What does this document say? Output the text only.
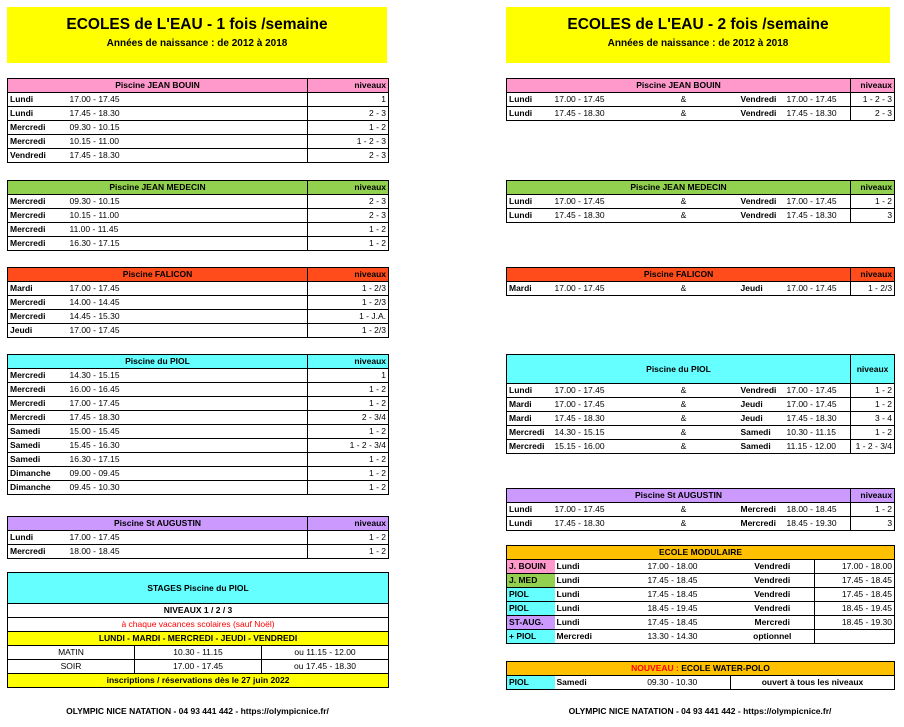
ECOLES de L'EAU - 1 fois /semaine
Années de naissance : de 2012 à 2018
ECOLES de L'EAU - 2 fois /semaine
Années de naissance : de 2012 à 2018
Piscine JEAN BOUIN		niveaux
Lundi	17.00 - 17.45	1
Lundi	17.45 - 18.30	2 - 3
Mercredi	09.30 - 10.15	1 - 2
Mercredi	10.15 - 11.00	1 - 2 - 3
Vendredi	17.45 - 18.30	2 - 3
Piscine JEAN MEDECIN		niveaux
Mercredi	09.30 - 10.15	2 - 3
Mercredi	10.15 - 11.00	2 - 3
Mercredi	11.00 - 11.45	1 - 2
Mercredi	16.30 - 17.15	1 - 2
Piscine FALICON		niveaux
Mardi	17.00 - 17.45	1 - 2/3
Mercredi	14.00 - 14.45	1 - 2/3
Mercredi	14.45 - 15.30	1 - J.A.
Jeudi	17.00 - 17.45	1 - 2/3
Piscine du PIOL		niveaux
Mercredi	14.30 - 15.15	1
Mercredi	16.00 - 16.45	1 - 2
Mercredi	17.00 - 17.45	1 - 2
Mercredi	17.45 - 18.30	2 - 3/4
Samedi	15.00 - 15.45	1 - 2
Samedi	15.45 - 16.30	1 - 2 - 3/4
Samedi	16.30 - 17.15	1 - 2
Dimanche	09.00 - 09.45	1 - 2
Dimanche	09.45 - 10.30	1 - 2
Piscine St AUGUSTIN		niveaux
Lundi	17.00 - 17.45	1 - 2
Mercredi	18.00 - 18.45	1 - 2
STAGES Piscine du PIOL		
NIVEAUX 1 / 2 / 3		
à chaque vacances scolaires (sauf Noël)		
LUNDI - MARDI - MERCREDI - JEUDI - VENDREDI		
MATIN	10.30 - 11.15	ou 11.15 - 12.00
SOIR	17.00 - 17.45	ou 17.45 - 18.30
inscriptions / réservations dès le 27 juin 2022		
Piscine JEAN BOUIN					niveaux
Lundi	17.00 - 17.45	&	Vendredi	17.00 - 17.45	1 - 2 - 3
Lundi	17.45 - 18.30	&	Vendredi	17.45 - 18.30	2 - 3
Piscine JEAN MEDECIN					niveaux
Lundi	17.00 - 17.45	&	Vendredi	17.00 - 17.45	1 - 2
Lundi	17.45 - 18.30	&	Vendredi	17.45 - 18.30	3
Piscine FALICON					niveaux
Mardi	17.00 - 17.45	&	Jeudi	17.00 - 17.45	1 - 2/3
Piscine du PIOL					niveaux
Lundi	17.00 - 17.45	&	Vendredi	17.00 - 17.45	1 - 2
Mardi	17.00 - 17.45	&	Jeudi	17.00 - 17.45	1 - 2
Mardi	17.45 - 18.30	&	Jeudi	17.45 - 18.30	3 - 4
Mercredi	14.30 - 15.15	&	Samedi	10.30 - 11.15	1 - 2
Mercredi	15.15 - 16.00	&	Samedi	11.15 - 12.00	1 - 2 - 3/4
Piscine St AUGUSTIN					niveaux
Lundi	17.00 - 17.45	&	Mercredi	18.00 - 18.45	1 - 2
Lundi	17.45 - 18.30	&	Mercredi	18.45 - 19.30	3
ECOLE MODULAIRE				
J. BOUIN	Lundi	17.00 - 18.00	Vendredi	17.00 - 18.00
J. MED	Lundi	17.45 - 18.45	Vendredi	17.45 - 18.45
PIOL	Lundi	17.45 - 18.45	Vendredi	17.45 - 18.45
PIOL	Lundi	18.45 - 19.45	Vendredi	18.45 - 19.45
ST-AUG.	Lundi	17.45 - 18.45	Mercredi	18.45 - 19.30
+ PIOL	Mercredi	13.30 - 14.30	optionnel	
NOUVEAU : ECOLE WATER-POLO
PIOL	Samedi	09.30 - 10.30	ouvert à tous les niveaux
OLYMPIC NICE NATATION - 04 93 441 442 - https://olympicnice.fr/	OLYMPIC NICE NATATION - 04 93 441 442 - https://olympicnice.fr/
